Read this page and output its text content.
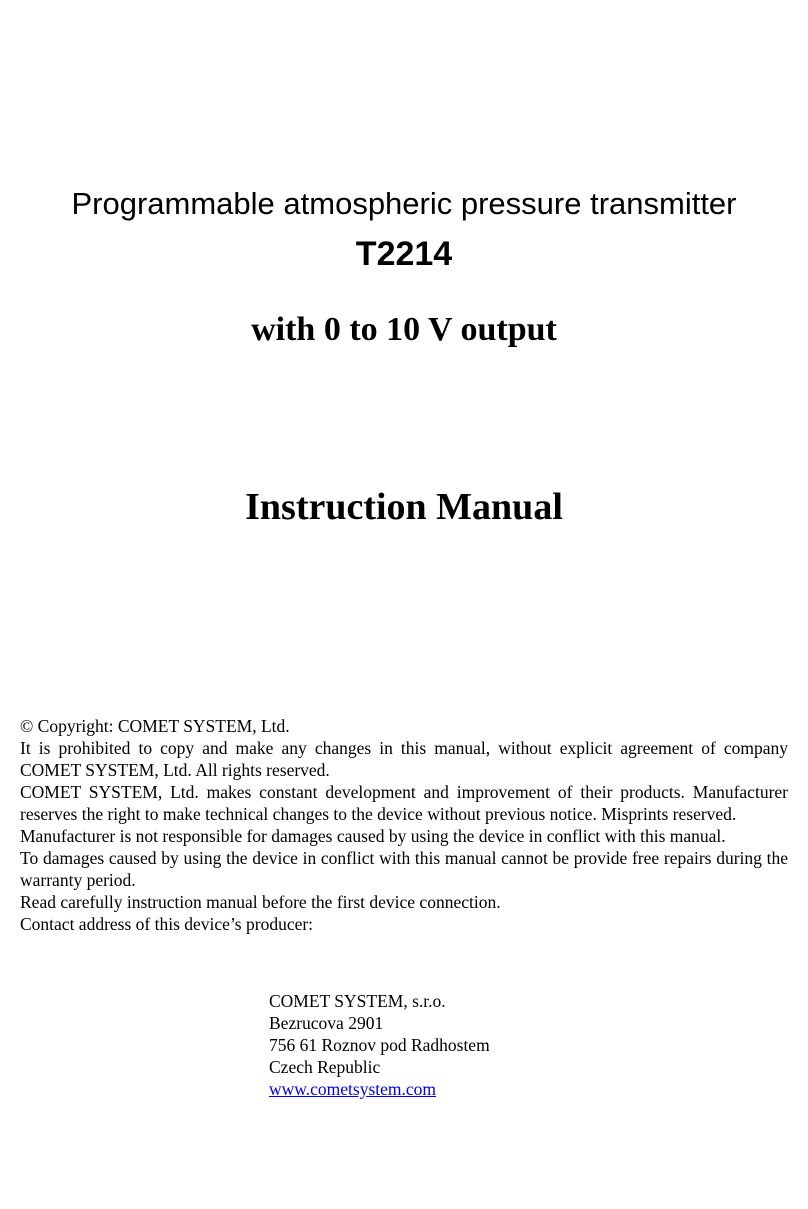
Programmable atmospheric pressure transmitter
T2214
with 0 to 10 V output
Instruction Manual

© Copyright: COMET SYSTEM, Ltd.

It is prohibited to copy and make any changes in this manual, without explicit agreement of company COMET SYSTEM, Ltd. All rights reserved.

COMET SYSTEM, Ltd. makes constant development and improvement of their products. Manufacturer reserves the right to make technical changes to the device without previous notice. Misprints reserved.

Manufacturer is not responsible for damages caused by using the device in conflict with this manual.

To damages caused by using the device in conflict with this manual cannot be provide free repairs during the warranty period.

Read carefully instruction manual before the first device connection.

Contact address of this device’s producer:

COMET SYSTEM, s.r.o.
Bezrucova 2901
756 61 Roznov pod Radhostem
Czech Republic
www.cometsystem.com
